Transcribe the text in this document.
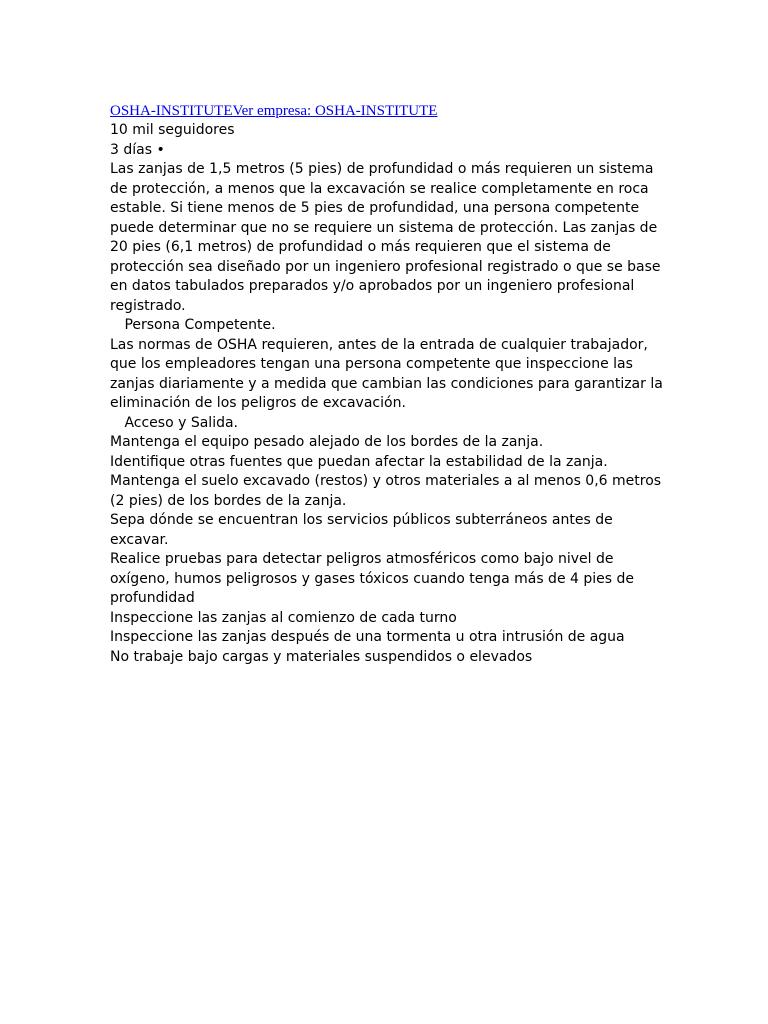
OSHA-INSTITUTEVer empresa: OSHA-INSTITUTE

10 mil seguidores

3 días •

Las zanjas de 1,5 metros (5 pies) de profundidad o más requieren un sistema de protección, a menos que la excavación se realice completamente en roca estable. Si tiene menos de 5 pies de profundidad, una persona competente puede determinar que no se requiere un sistema de protección. Las zanjas de 20 pies (6,1 metros) de profundidad o más requieren que el sistema de protección sea diseñado por un ingeniero profesional registrado o que se base en datos tabulados preparados y/o aprobados por un ingeniero profesional registrado.

Persona Competente.

Las normas de OSHA requieren, antes de la entrada de cualquier trabajador, que los empleadores tengan una persona competente que inspeccione las zanjas diariamente y a medida que cambian las condiciones para garantizar la eliminación de los peligros de excavación.

Acceso y Salida.

Mantenga el equipo pesado alejado de los bordes de la zanja.

Identifique otras fuentes que puedan afectar la estabilidad de la zanja.

Mantenga el suelo excavado (restos) y otros materiales a al menos 0,6 metros (2 pies) de los bordes de la zanja.

Sepa dónde se encuentran los servicios públicos subterráneos antes de excavar.

Realice pruebas para detectar peligros atmosféricos como bajo nivel de oxígeno, humos peligrosos y gases tóxicos cuando tenga más de 4 pies de profundidad

Inspeccione las zanjas al comienzo de cada turno

Inspeccione las zanjas después de una tormenta u otra intrusión de agua

No trabaje bajo cargas y materiales suspendidos o elevados
